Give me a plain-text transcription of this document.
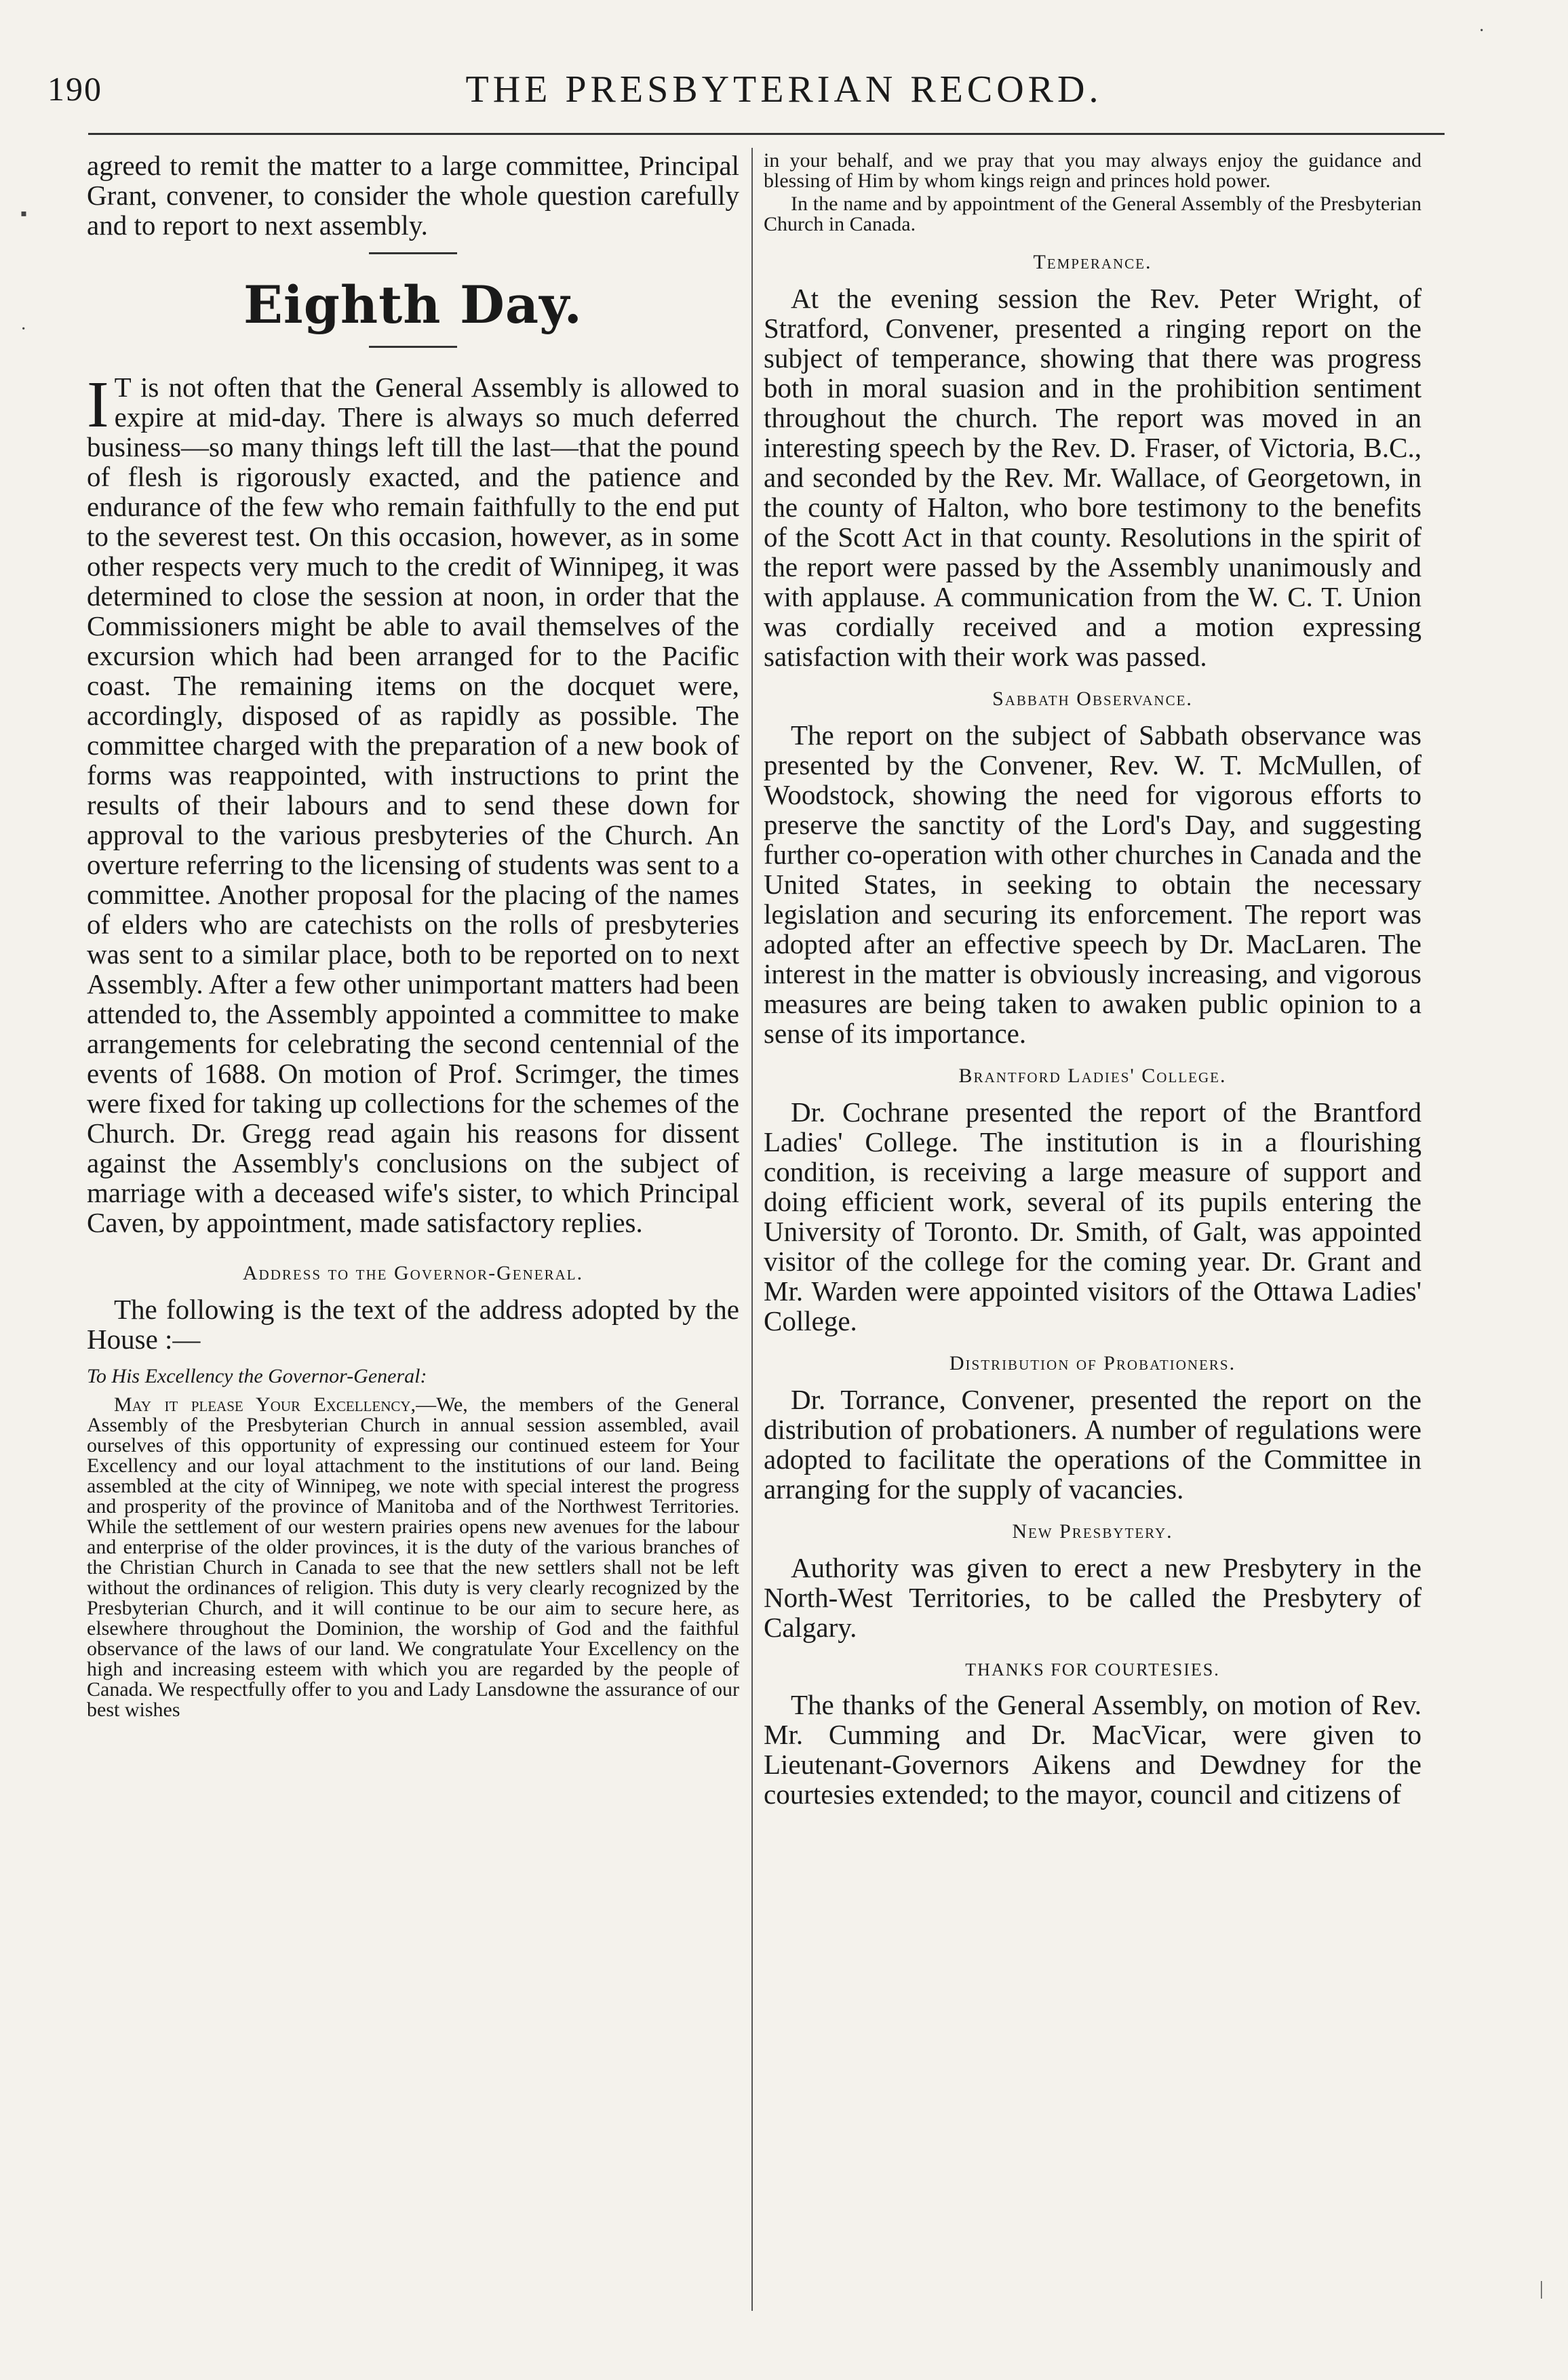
190	THE PRESBYTERIAN RECORD.

agreed to remit the matter to a large committee, Principal Grant, convener, to consider the whole question carefully and to report to next assembly.

Eighth Day.

I T is not often that the General Assembly is allowed to expire at mid-day. There is always so much deferred business—so many things left till the last—that the pound of flesh is rigorously exacted, and the patience and endurance of the few who remain faithfully to the end put to the severest test. On this occasion, however, as in some other respects very much to the credit of Winnipeg, it was determined to close the session at noon, in order that the Commissioners might be able to avail themselves of the excursion which had been arranged for to the Pacific coast. The remaining items on the docquet were, accordingly, disposed of as rapidly as possible. The committee charged with the preparation of a new book of forms was reappointed, with instructions to print the results of their labours and to send these down for approval to the various presbyteries of the Church. An overture referring to the licensing of students was sent to a committee. Another proposal for the placing of the names of elders who are catechists on the rolls of presbyteries was sent to a similar place, both to be reported on to next Assembly. After a few other unimportant matters had been attended to, the Assembly appointed a committee to make arrangements for celebrating the second centennial of the events of 1688. On motion of Prof. Scrimger, the times were fixed for taking up collections for the schemes of the Church. Dr. Gregg read again his reasons for dissent against the Assembly's conclusions on the subject of marriage with a deceased wife's sister, to which Principal Caven, by appointment, made satisfactory replies.

Address to the Governor-General.

The following is the text of the address adopted by the House :—

To His Excellency the Governor-General:

May it please Your Excellency,—We, the members of the General Assembly of the Presbyterian Church in annual session assembled, avail ourselves of this opportunity of expressing our continued esteem for Your Excellency and our loyal attachment to the institutions of our land. Being assembled at the city of Winnipeg, we note with special interest the progress and prosperity of the province of Manitoba and of the Northwest Territories. While the settlement of our western prairies opens new avenues for the labour and enterprise of the older provinces, it is the duty of the various branches of the Christian Church in Canada to see that the new settlers shall not be left without the ordinances of religion. This duty is very clearly recognized by the Presbyterian Church, and it will continue to be our aim to secure here, as elsewhere throughout the Dominion, the worship of God and the faithful observance of the laws of our land. We congratulate Your Excellency on the high and increasing esteem with which you are regarded by the people of Canada. We respectfully offer to you and Lady Lansdowne the assurance of our best wishes

in your behalf, and we pray that you may always enjoy the guidance and blessing of Him by whom kings reign and princes hold power.

In the name and by appointment of the General Assembly of the Presbyterian Church in Canada.

Temperance.

At the evening session the Rev. Peter Wright, of Stratford, Convener, presented a ringing report on the subject of temperance, showing that there was progress both in moral suasion and in the prohibition sentiment throughout the church. The report was moved in an interesting speech by the Rev. D. Fraser, of Victoria, B.C., and seconded by the Rev. Mr. Wallace, of Georgetown, in the county of Halton, who bore testimony to the benefits of the Scott Act in that county. Resolutions in the spirit of the report were passed by the Assembly unanimously and with applause. A communication from the W. C. T. Union was cordially received and a motion expressing satisfaction with their work was passed.

Sabbath Observance.

The report on the subject of Sabbath observance was presented by the Convener, Rev. W. T. McMullen, of Woodstock, showing the need for vigorous efforts to preserve the sanctity of the Lord's Day, and suggesting further co-operation with other churches in Canada and the United States, in seeking to obtain the necessary legislation and securing its enforcement. The report was adopted after an effective speech by Dr. MacLaren. The interest in the matter is obviously increasing, and vigorous measures are being taken to awaken public opinion to a sense of its importance.

Brantford Ladies' College.

Dr. Cochrane presented the report of the Brantford Ladies' College. The institution is in a flourishing condition, is receiving a large measure of support and doing efficient work, several of its pupils entering the University of Toronto. Dr. Smith, of Galt, was appointed visitor of the college for the coming year. Dr. Grant and Mr. Warden were appointed visitors of the Ottawa Ladies' College.

Distribution of Probationers.

Dr. Torrance, Convener, presented the report on the distribution of probationers. A number of regulations were adopted to facilitate the operations of the Committee in arranging for the supply of vacancies.

New Presbytery.

Authority was given to erect a new Presbytery in the North-West Territories, to be called the Presbytery of Calgary.

THANKS FOR COURTESIES.

The thanks of the General Assembly, on motion of Rev. Mr. Cumming and Dr. MacVicar, were given to Lieutenant-Governors Aikens and Dewdney for the courtesies extended; to the mayor, council and citizens of

▪
·
·
|
